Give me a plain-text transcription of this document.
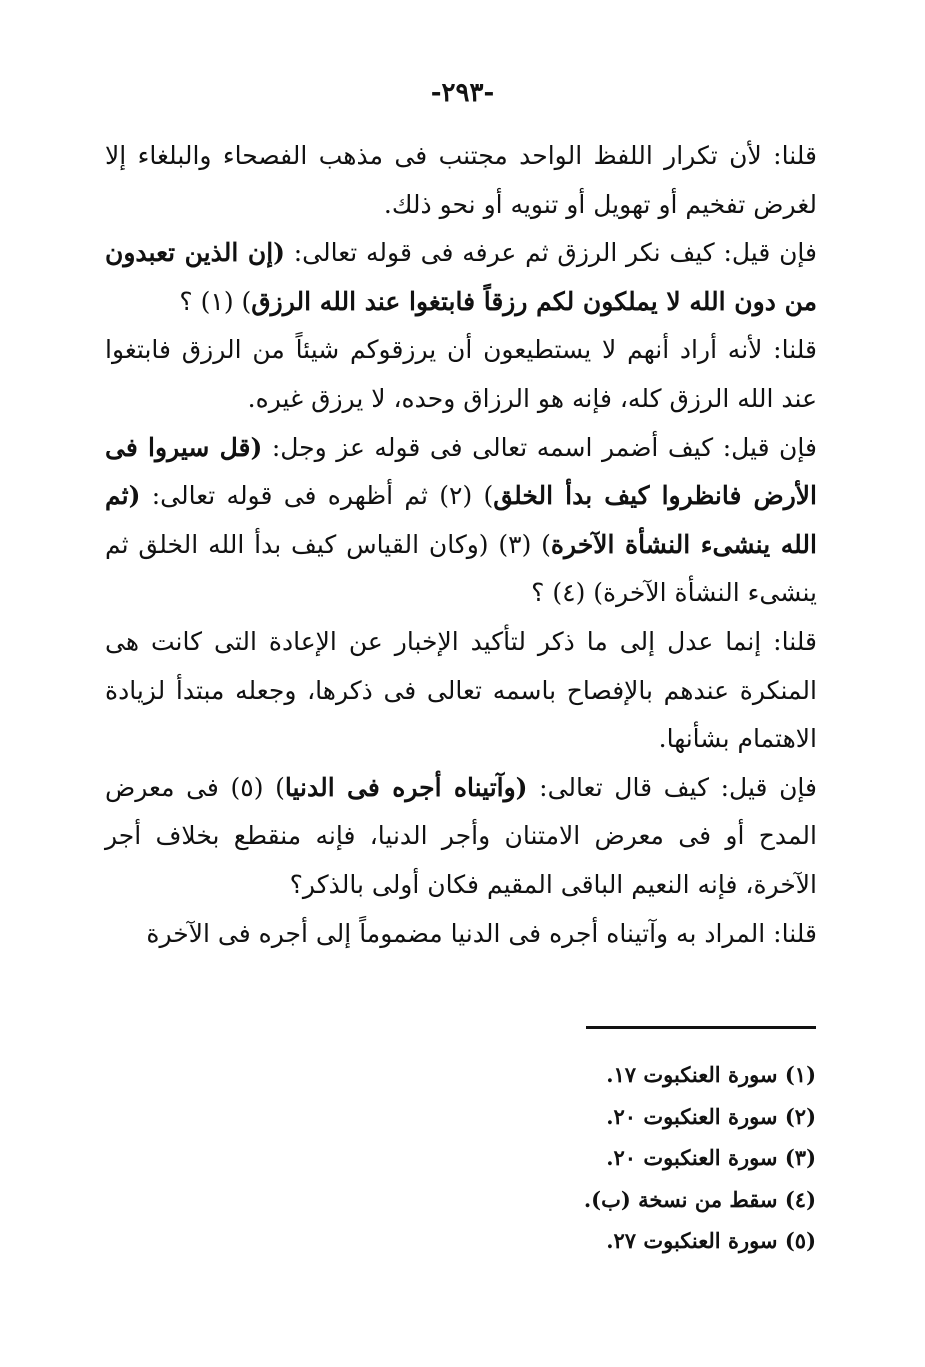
-٢٩٣-

قلنا: لأن تكرار اللفظ الواحد مجتنب فى مذهب الفصحاء والبلغاء إلا لغرض تفخيم أو تهويل أو تنويه أو نحو ذلك.

فإن قيل: كيف نكر الرزق ثم عرفه فى قوله تعالى: (إن الذين تعبدون من دون الله لا يملكون لكم رزقاً فابتغوا عند الله الرزق) (١) ؟

قلنا: لأنه أراد أنهم لا يستطيعون أن يرزقوكم شيئاً من الرزق فابتغوا عند الله الرزق كله، فإنه هو الرزاق وحده، لا يرزق غيره.

فإن قيل: كيف أضمر اسمه تعالى فى قوله عز وجل: (قل سيروا فى الأرض فانظروا كيف بدأ الخلق) (٢) ثم أظهره فى قوله تعالى: (ثم الله ينشىء النشأة الآخرة) (٣) (وكان القياس كيف بدأ الله الخلق ثم ينشىء النشأة الآخرة) (٤) ؟

قلنا: إنما عدل إلى ما ذكر لتأكيد الإخبار عن الإعادة التى كانت هى المنكرة عندهم بالإفصاح باسمه تعالى فى ذكرها، وجعله مبتدأ لزيادة الاهتمام بشأنها.

فإن قيل: كيف قال تعالى: (وآتيناه أجره فى الدنيا) (٥) فى معرض المدح أو فى معرض الامتنان وأجر الدنيا، فإنه منقطع بخلاف أجر الآخرة، فإنه النعيم الباقى المقيم فكان أولى بالذكر؟

قلنا: المراد به وآتيناه أجره فى الدنيا مضموماً إلى أجره فى الآخرة

(١) سورة العنكبوت ١٧.
(٢) سورة العنكبوت ٢٠.
(٣) سورة العنكبوت ٢٠.
(٤) سقط من نسخة (ب).
(٥) سورة العنكبوت ٢٧.
